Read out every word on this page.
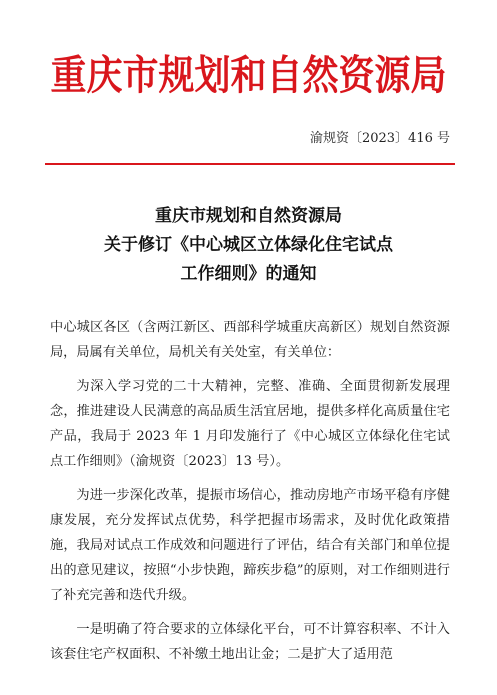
重庆市规划和自然资源局
渝规资〔2023〕416 号
重庆市规划和自然资源局
关于修订《中心城区立体绿化住宅试点
工作细则》的通知

中心城区各区（含两江新区、西部科学城重庆高新区）规划自然资源局，局属有关单位，局机关有关处室，有关单位：

为深入学习党的二十大精神，完整、准确、全面贯彻新发展理念，推进建设人民满意的高品质生活宜居地，提供多样化高质量住宅产品，我局于 2023 年 1 月印发施行了《中心城区立体绿化住宅试点工作细则》（渝规资〔2023〕13 号）。

为进一步深化改革，提振市场信心，推动房地产市场平稳有序健康发展，充分发挥试点优势，科学把握市场需求，及时优化政策措施，我局对试点工作成效和问题进行了评估，结合有关部门和单位提出的意见建议，按照“小步快跑，蹄疾步稳”的原则，对工作细则进行了补充完善和迭代升级。

一是明确了符合要求的立体绿化平台，可不计算容积率、不计入该套住宅产权面积、不补缴土地出让金；二是扩大了适用范
